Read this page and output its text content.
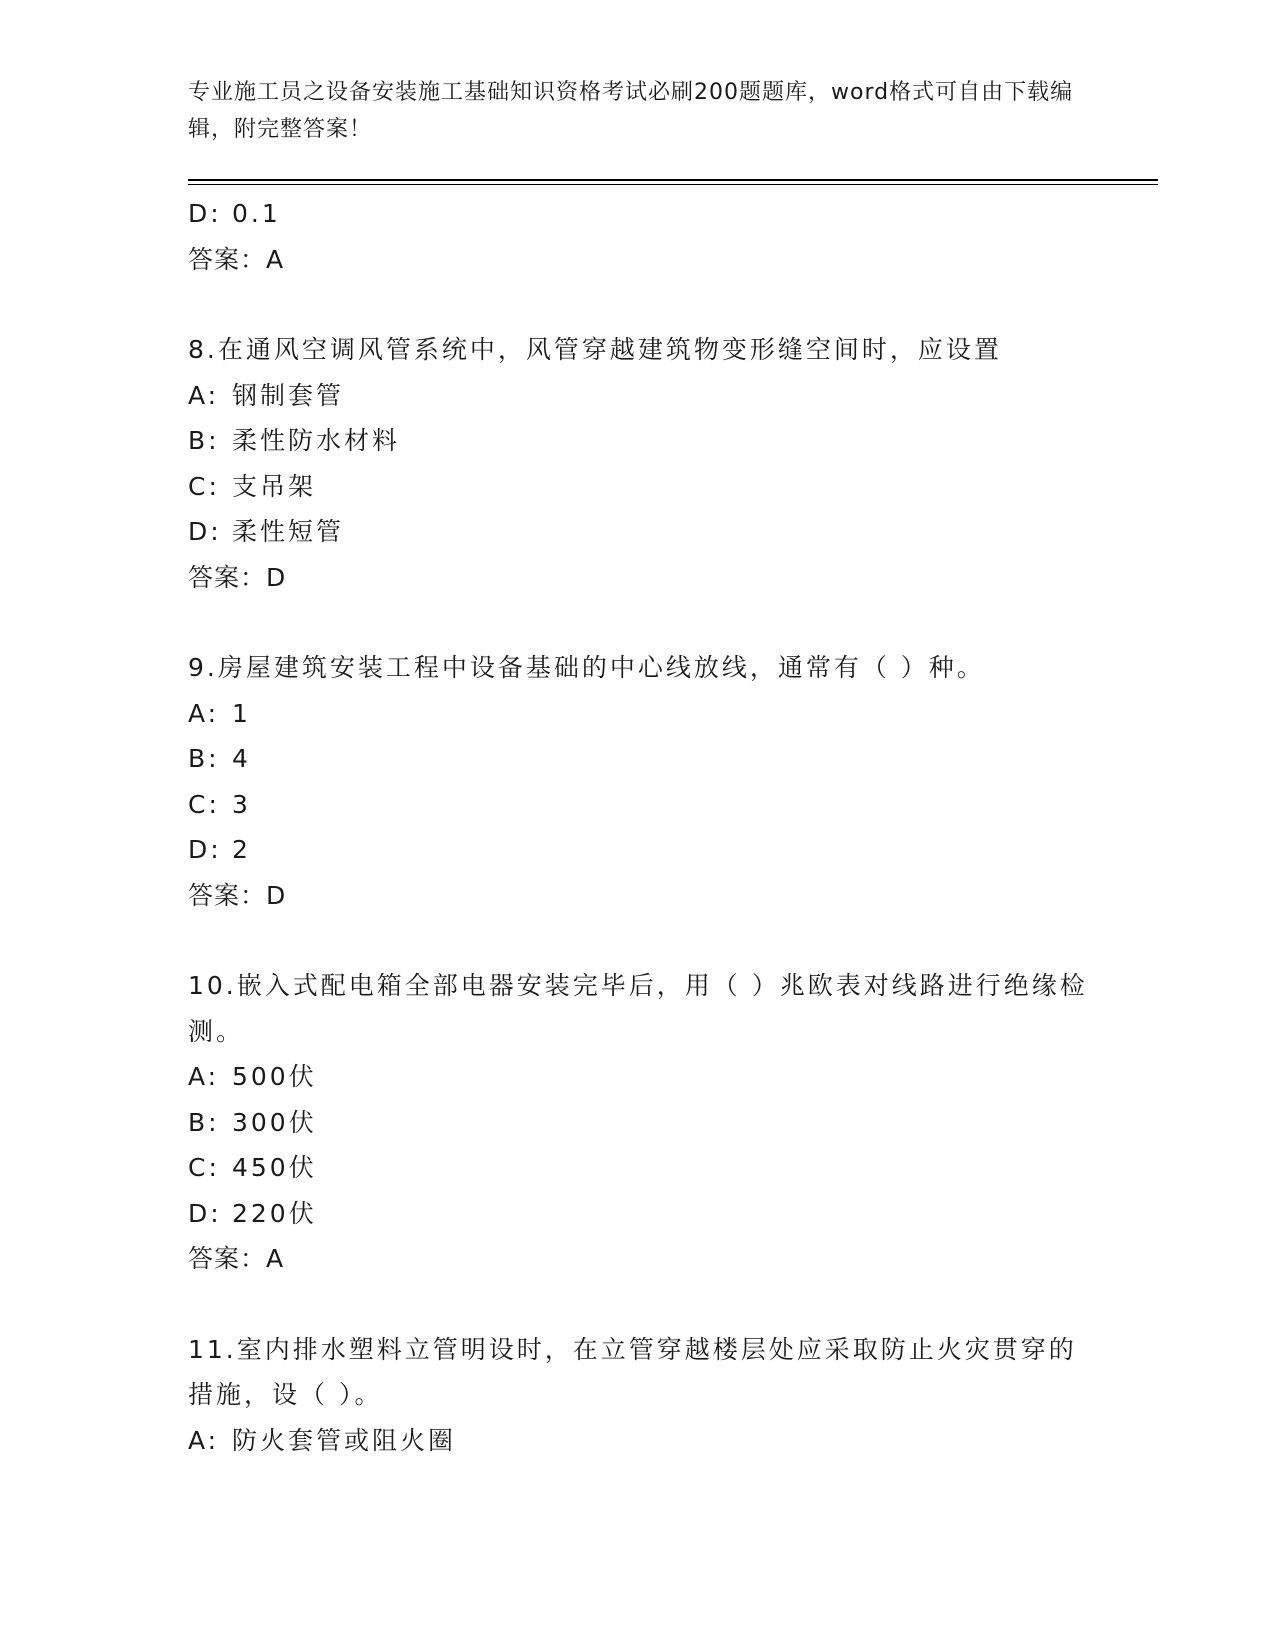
专业施工员之设备安装施工基础知识资格考试必刷200题题库，word格式可自由下载编辑，附完整答案！
D: 0.1
答案：A
8.在通风空调风管系统中，风管穿越建筑物变形缝空间时，应设置
A: 钢制套管
B: 柔性防水材料
C: 支吊架
D: 柔性短管
答案：D
9.房屋建筑安装工程中设备基础的中心线放线，通常有（ ）种。
A: 1
B: 4
C: 3
D: 2
答案：D
10.嵌入式配电箱全部电器安装完毕后，用（ ）兆欧表对线路进行绝缘检测。
A: 500伏
B: 300伏
C: 450伏
D: 220伏
答案：A
11.室内排水塑料立管明设时，在立管穿越楼层处应采取防止火灾贯穿的措施，设（ ）。
A: 防火套管或阻火圈
